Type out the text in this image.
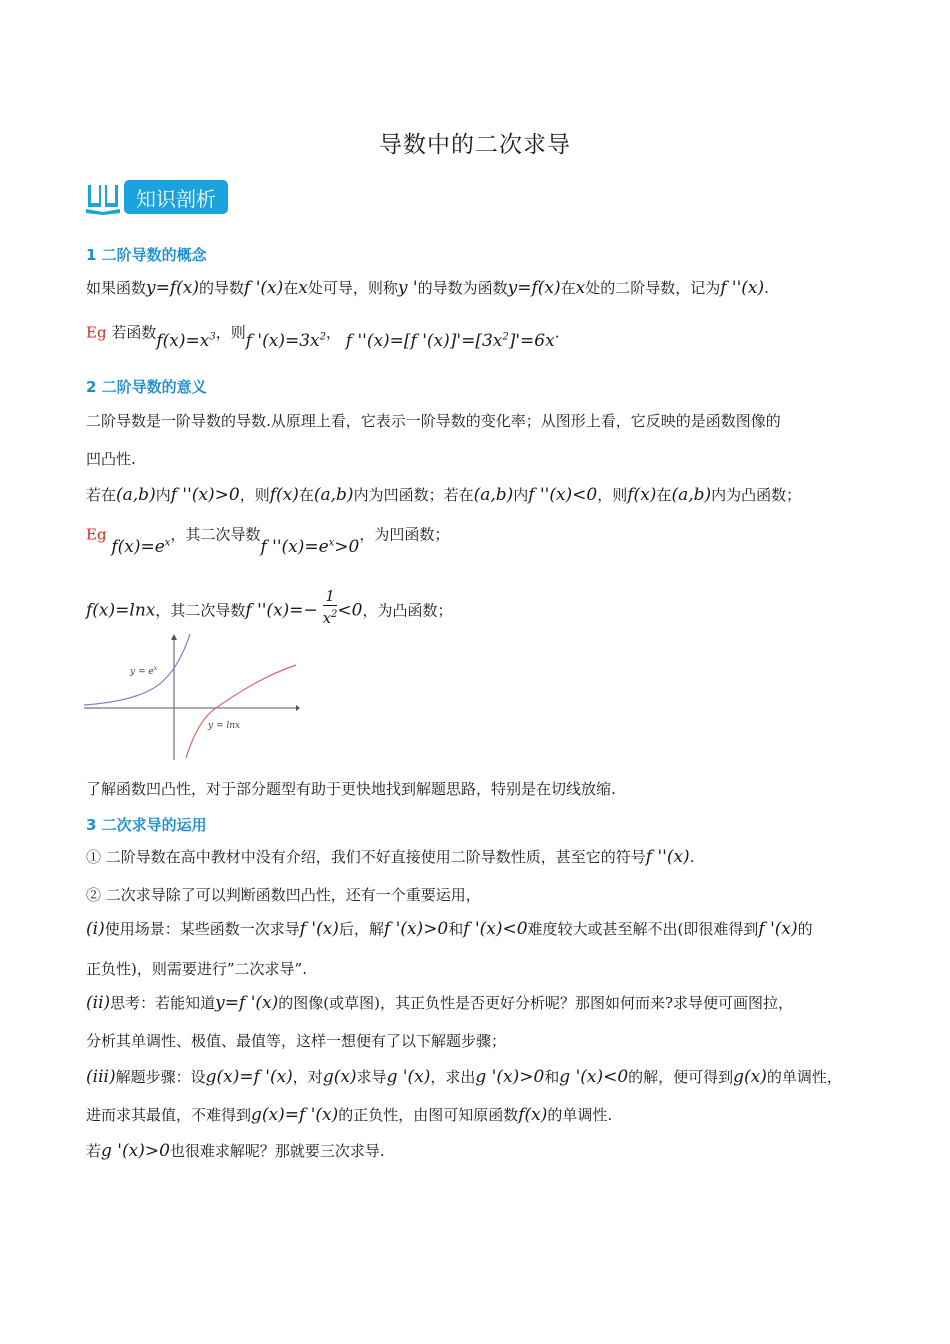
导数中的二次求导
知识剖析
1 二阶导数的概念
如果函数y=f(x)的导数f '(x)在x处可导，则称y '的导数为函数y=f(x)在x处的二阶导数，记为f ''(x).
Eg 若函数$f(x)=x^3$，则f '$(x)=3x^2$， f ''(x)=[f '$(x)]'=[3x^2]'=6x$.
2 二阶导数的意义
二阶导数是一阶导数的导数.从原理上看，它表示一阶导数的变化率；从图形上看，它反映的是函数图像的
凹凸性.
若在(a,b)内f ''(x)>0，则f(x)在(a,b)内为凹函数；若在(a,b)内f ''(x)<0，则f(x)在(a,b)内为凸函数；
Eg $f(x)=e^x$，其二次导数f ''$(x)=e^x>0$，为凹函数；
f(x)=lnx，其二次导数f ''$(x)=- \frac{1}{x^2} <0$，为凸函数；
$y = e^x$
y = lnx
了解函数凹凸性，对于部分题型有助于更快地找到解题思路，特别是在切线放缩.
3 二次求导的运用
① 二阶导数在高中教材中没有介绍，我们不好直接使用二阶导数性质，甚至它的符号f ''(x).
② 二次求导除了可以判断函数凹凸性，还有一个重要运用，
(i)使用场景：某些函数一次求导f '(x)后，解f '(x)>0和f '(x)<0难度较大或甚至解不出(即很难得到f '(x)的
正负性)，则需要进行”二次求导”.
(ii)思考：若能知道y=f '(x)的图像(或草图)，其正负性是否更好分析呢？那图如何而来?求导便可画图拉，
分析其单调性、极值、最值等，这样一想便有了以下解题步骤；
(iii)解题步骤：设g(x)=f '(x)，对g(x)求导g '(x)，求出g '(x)>0和g '(x)<0的解，便可得到g(x)的单调性，
进而求其最值，不难得到g(x)=f '(x)的正负性，由图可知原函数f(x)的单调性.
若g '(x)>0也很难求解呢？那就要三次求导.
